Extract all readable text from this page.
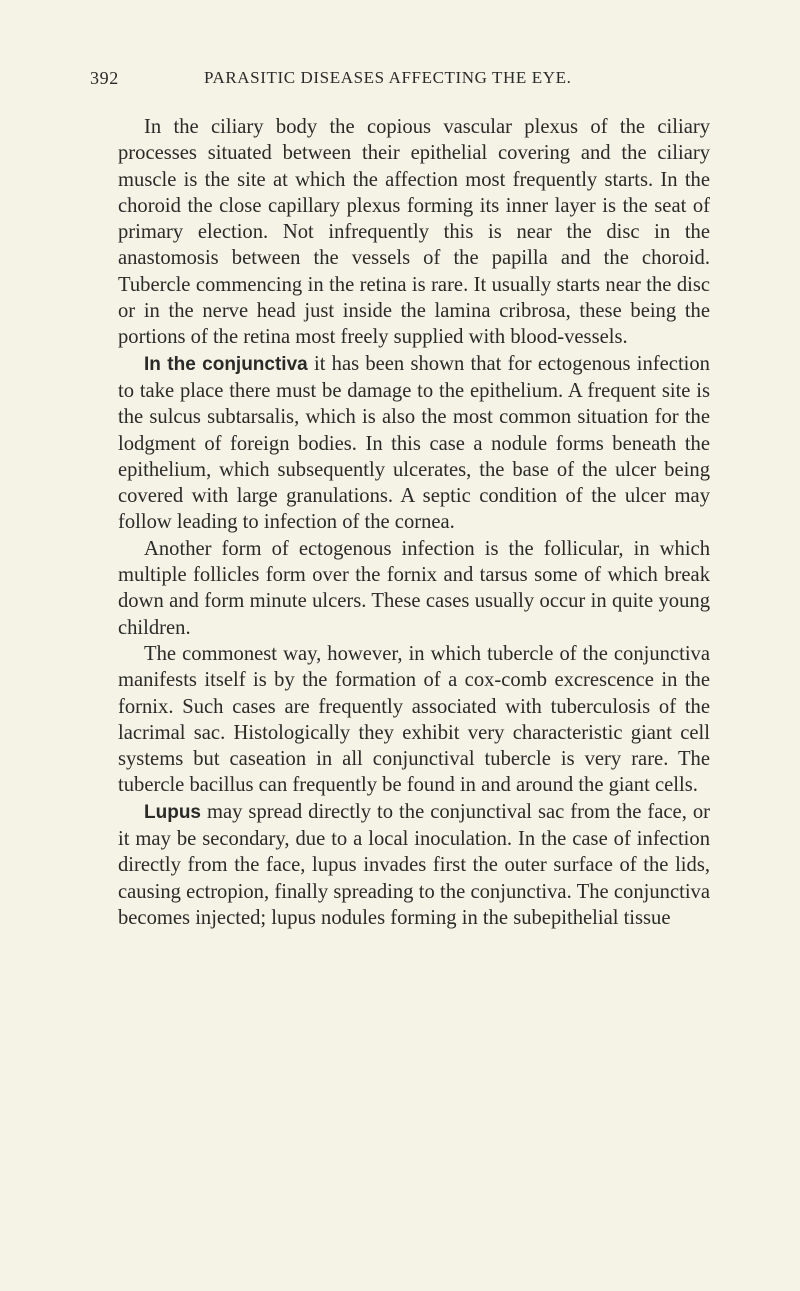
392	PARASITIC DISEASES AFFECTING THE EYE.

In the ciliary body the copious vascular plexus of the ciliary processes situated between their epithelial covering and the ciliary muscle is the site at which the affection most frequently starts. In the choroid the close capillary plexus forming its inner layer is the seat of primary election. Not infrequently this is near the disc in the anastomosis between the vessels of the papilla and the choroid. Tubercle commencing in the retina is rare. It usually starts near the disc or in the nerve head just inside the lamina cribrosa, these being the portions of the retina most freely supplied with blood-vessels.

In the conjunctiva it has been shown that for ectogenous infection to take place there must be damage to the epithelium. A frequent site is the sulcus subtarsalis, which is also the most common situation for the lodgment of foreign bodies. In this case a nodule forms beneath the epithelium, which subsequently ulcerates, the base of the ulcer being covered with large granulations. A septic condition of the ulcer may follow leading to infection of the cornea.

Another form of ectogenous infection is the follicular, in which multiple follicles form over the fornix and tarsus some of which break down and form minute ulcers. These cases usually occur in quite young children.

The commonest way, however, in which tubercle of the conjunctiva manifests itself is by the formation of a cox-comb excrescence in the fornix. Such cases are frequently associated with tuberculosis of the lacrimal sac. Histologically they exhibit very characteristic giant cell systems but caseation in all conjunctival tubercle is very rare. The tubercle bacillus can frequently be found in and around the giant cells.

Lupus may spread directly to the conjunctival sac from the face, or it may be secondary, due to a local inoculation. In the case of infection directly from the face, lupus invades first the outer surface of the lids, causing ectropion, finally spreading to the conjunctiva. The conjunctiva becomes injected; lupus nodules forming in the subepithelial tissue
